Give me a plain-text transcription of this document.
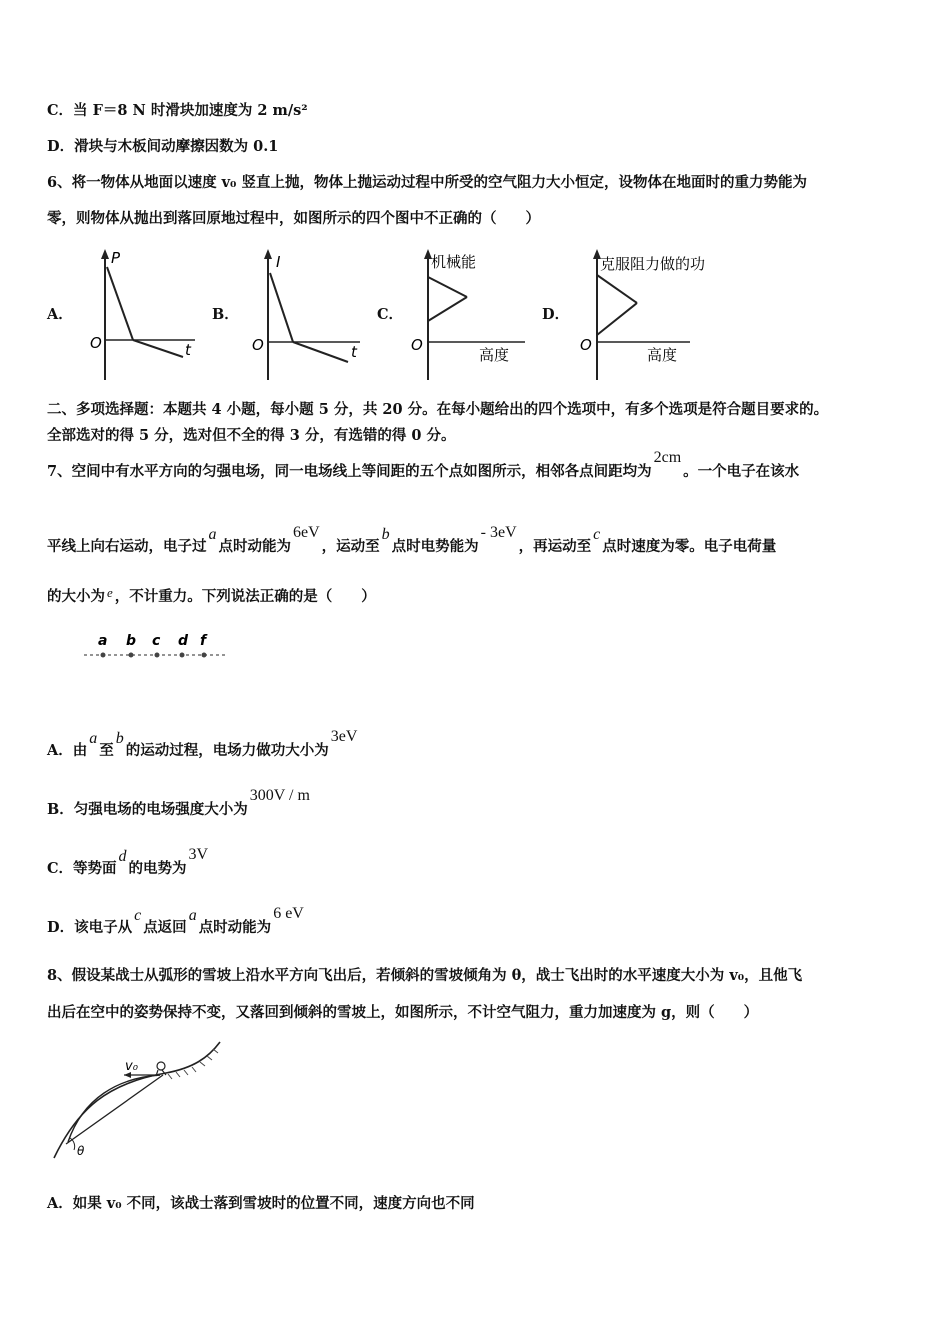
C．当 F＝8 N 时滑块加速度为 2 m/s²
D．滑块与木板间动摩擦因数为 0.1
6、将一物体从地面以速度 v₀ 竖直上抛，物体上抛运动过程中所受的空气阻力大小恒定，设物体在地面时的重力势能为
零，则物体从抛出到落回原地过程中，如图所示的四个图中不正确的（　　）
A．
P
O	t
B．
I
O	t
C．
机械能
O
高度
D．
克服阻力做的功
O
高度
二、多项选择题：本题共 4 小题，每小题 5 分，共 20 分。在每小题给出的四个选项中，有多个选项是符合题目要求的。
全部选对的得 5 分，选对但不全的得 3 分，有选错的得 0 分。
7、空间中有水平方向的匀强电场，同一电场线上等间距的五个点如图所示，相邻各点间距均为2cm。一个电子在该水
平线上向右运动，电子过a点时动能为6eV，运动至b点时电势能为- 3eV，再运动至c点时速度为零。电子电荷量
的大小为 e ，不计重力。下列说法正确的是（　　）
a b c d f
A．由a至b的运动过程，电场力做功大小为3eV
B．匀强电场的电场强度大小为300V / m
C．等势面d的电势为3V
D．该电子从c点返回a点时动能为6 eV
8、假设某战士从弧形的雪坡上沿水平方向飞出后，若倾斜的雪坡倾角为 θ，战士飞出时的水平速度大小为 v₀，且他飞
出后在空中的姿势保持不变，又落回到倾斜的雪坡上，如图所示，不计空气阻力，重力加速度为 g，则（　　）
v₀
θ
A．如果 v₀ 不同，该战士落到雪坡时的位置不同，速度方向也不同
